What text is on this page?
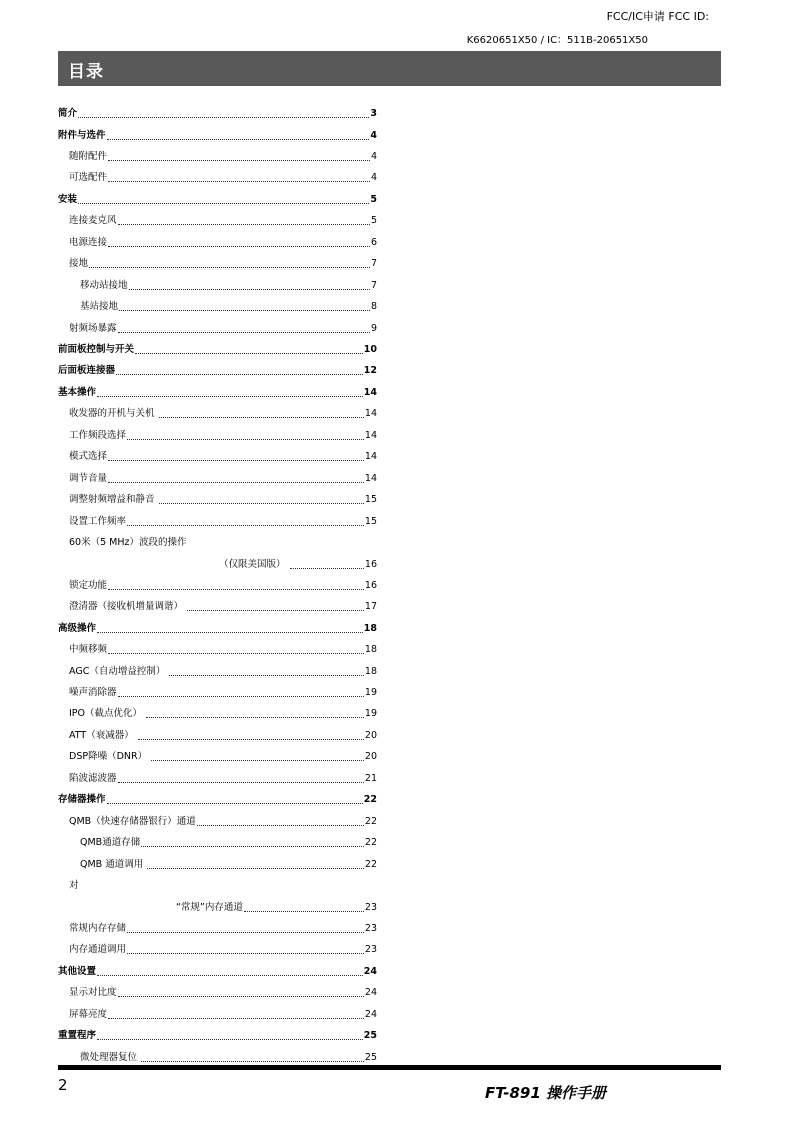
FCC/IC申请 FCC ID:
K6620651X50 / IC：511B-20651X50
目录
简介	3
附件与选件	4
随附配件	4
可选配件	4
安装	5
连接麦克风	5
电源连接	6
接地	7
移动站接地	7
基站接地	8
射频场暴露	9
前面板控制与开关	10
后面板连接器	12
基本操作	14
收发器的开机与关机	14
工作频段选择	14
模式选择	14
调节音量	14
调整射频增益和静音	15
设置工作频率	15
60米（5 MHz）波段的操作
（仅限美国版）	16
锁定功能	16
澄清器（接收机增量调谐）	17
高级操作	18
中频移频	18
AGC（自动增益控制）	18
噪声消除器	19
IPO（截点优化）	19
ATT（衰减器）	20
DSP降噪（DNR）	20
陷波滤波器	21
存储器操作	22
QMB（快速存储器银行）通道	22
QMB通道存储	22
QMB 通道调用	22
对
“常规”内存通道	23
常规内存存储	23
内存通道调用	23
其他设置	24
显示对比度	24
屏幕亮度	24
重置程序	25
微处理器复位	25
2	FT-891 操作手册
